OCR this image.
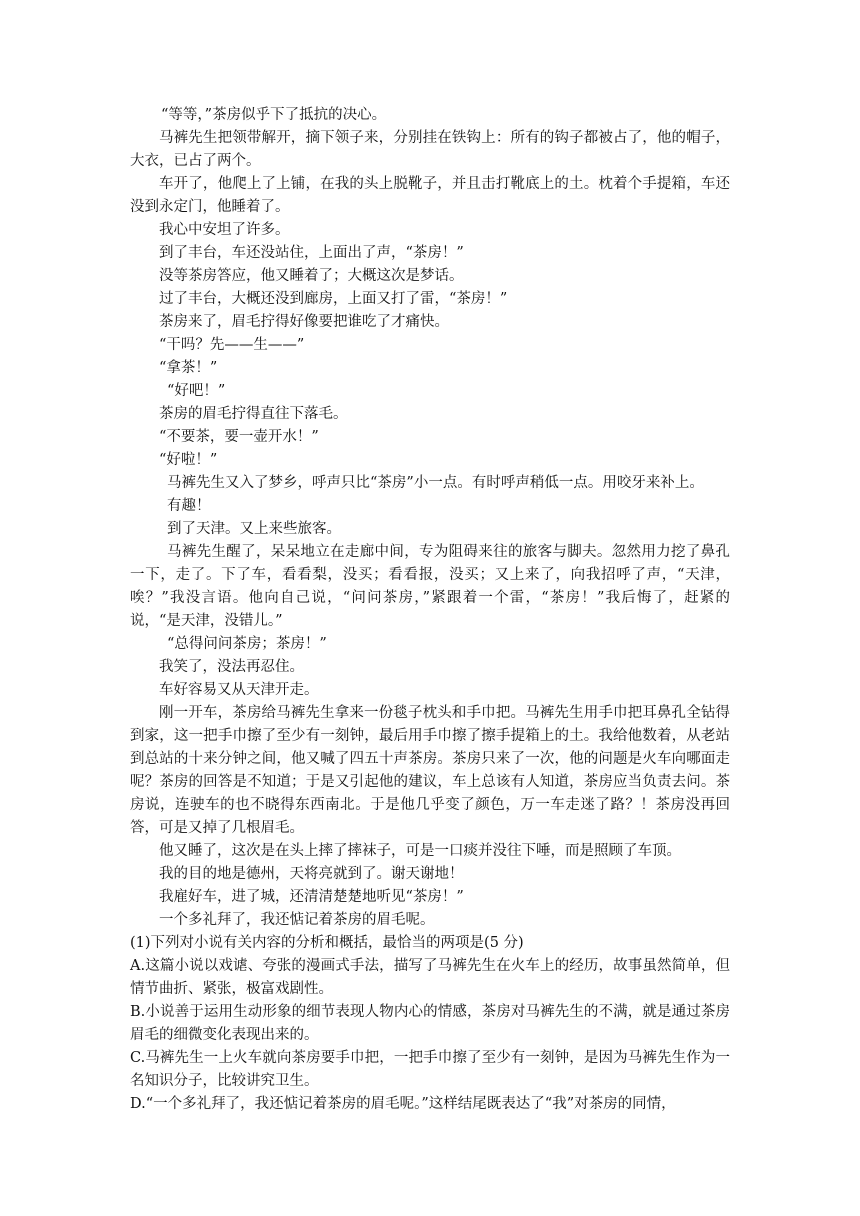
“等等，”茶房似乎下了抵抗的决心。

马裤先生把领带解开，摘下领子来，分别挂在铁钩上：所有的钩子都被占了，他的帽子，大衣，已占了两个。

车开了，他爬上了上铺，在我的头上脱靴子，并且击打靴底上的土。枕着个手提箱，车还没到永定门，他睡着了。

我心中安坦了许多。

到了丰台，车还没站住，上面出了声，“茶房！”

没等茶房答应，他又睡着了；大概这次是梦话。

过了丰台，大概还没到廊房，上面又打了雷，“茶房！”

茶房来了，眉毛拧得好像要把谁吃了才痛快。

“干吗？先——生——”

“拿茶！”

“好吧！”

茶房的眉毛拧得直往下落毛。

“不要茶，要一壶开水！”

“好啦！”

马裤先生又入了梦乡，呼声只比“茶房”小一点。有时呼声稍低一点。用咬牙来补上。

有趣！

到了天津。又上来些旅客。

马裤先生醒了，呆呆地立在走廊中间，专为阻碍来往的旅客与脚夫。忽然用力挖了鼻孔一下，走了。下了车，看看梨，没买；看看报，没买；又上来了，向我招呼了声，“天津，唉？”我没言语。他向自己说，“问问茶房，”紧跟着一个雷，“茶房！”我后悔了，赶紧的说，“是天津，没错儿。”

“总得问问茶房；茶房！”

我笑了，没法再忍住。

车好容易又从天津开走。

刚一开车，茶房给马裤先生拿来一份毯子枕头和手巾把。马裤先生用手巾把耳鼻孔全钻得到家，这一把手巾擦了至少有一刻钟，最后用手巾擦了擦手提箱上的土。我给他数着，从老站到总站的十来分钟之间，他又喊了四五十声茶房。茶房只来了一次，他的问题是火车向哪面走呢？茶房的回答是不知道；于是又引起他的建议，车上总该有人知道，茶房应当负责去问。茶房说，连驶车的也不晓得东西南北。于是他几乎变了颜色，万一车走迷了路？！茶房没再回答，可是又掉了几根眉毛。

他又睡了，这次是在头上摔了摔袜子，可是一口痰并没往下唾，而是照顾了车顶。

我的目的地是德州，天将亮就到了。谢天谢地！

我雇好车，进了城，还清清楚楚地听见“茶房！”

一个多礼拜了，我还惦记着茶房的眉毛呢。

(1)下列对小说有关内容的分析和概括，最恰当的两项是(5 分)

A.这篇小说以戏谑、夸张的漫画式手法，描写了马裤先生在火车上的经历，故事虽然简单，但情节曲折、紧张，极富戏剧性。

B.小说善于运用生动形象的细节表现人物内心的情感，茶房对马裤先生的不满，就是通过茶房眉毛的细微变化表现出来的。

C.马裤先生一上火车就向茶房要手巾把，一把手巾擦了至少有一刻钟，是因为马裤先生作为一名知识分子，比较讲究卫生。

D.“一个多礼拜了，我还惦记着茶房的眉毛呢。”这样结尾既表达了“我”对茶房的同情，
